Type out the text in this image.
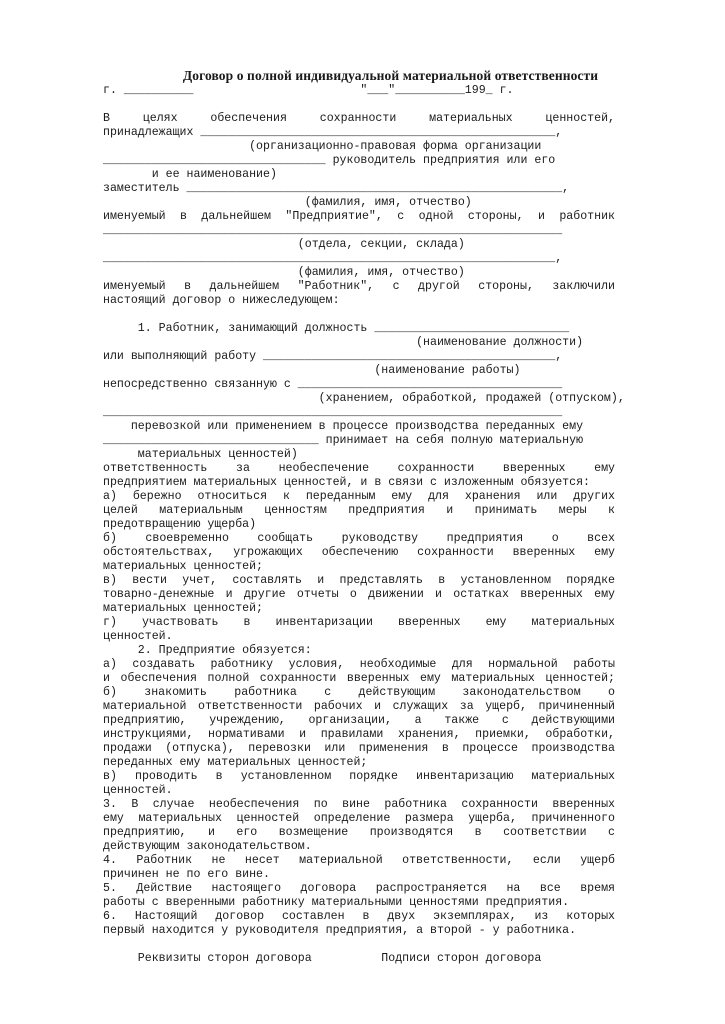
Договор о полной индивидуальной материальной ответственности
г. __________                        "___"__________199_ г.
В целях обеспечения сохранности материальных ценностей,
принадлежащих ___________________________________________________,
(организационно-правовая форма организации
________________________________ руководитель предприятия или его
и ее наименование)
заместитель ______________________________________________________,
(фамилия, имя, отчество)
именуемый в дальнейшем "Предприятие", с одной стороны, и работник
__________________________________________________________________
(отдела, секции, склада)
_________________________________________________________________,
(фамилия, имя, отчество)
именуемый в дальнейшем "Работник", с другой стороны, заключили
настоящий договор о нижеследующем:
1. Работник, занимающий должность ____________________________
(наименование должности)
или выполняющий работу __________________________________________,
(наименование работы)
непосредственно связанную с ______________________________________
(хранением, обработкой, продажей (отпуском),
__________________________________________________________________
перевозкой или применением в процессе производства переданных ему
_______________________________ принимает на себя полную материальную
материальных ценностей)
ответственность за необеспечение сохранности вверенных ему
предприятием материальных ценностей, и в связи с изложенным обязуется:
а) бережно относиться к переданным ему для хранения или других
целей материальным ценностям предприятия и принимать меры к
предотвращению ущерба)
б) своевременно сообщать руководству предприятия о всех
обстоятельствах, угрожающих обеспечению сохранности вверенных ему
материальных ценностей;
в) вести учет, составлять и представлять в установленном порядке
товарно-денежные и другие отчеты о движении и остатках вверенных ему
материальных ценностей;
г) участвовать в инвентаризации вверенных ему материальных
ценностей.
2. Предприятие обязуется:
а) создавать работнику условия, необходимые для нормальной работы
и обеспечения полной сохранности вверенных ему материальных ценностей;
б) знакомить работника с действующим законодательством о
материальной ответственности рабочих и служащих за ущерб, причиненный
предприятию, учреждению, организации, а также с действующими
инструкциями, нормативами и правилами хранения, приемки, обработки,
продажи (отпуска), перевозки или применения в процессе производства
переданных ему материальных ценностей;
в) проводить в установленном порядке инвентаризацию материальных
ценностей.
3. В случае необеспечения по вине работника сохранности вверенных
ему материальных ценностей определение размера ущерба, причиненного
предприятию, и его возмещение производятся в соответствии с
действующим законодательством.
4. Работник не несет материальной ответственности, если ущерб
причинен не по его вине.
5. Действие настоящего договора распространяется на все время
работы с вверенными работнику материальными ценностями предприятия.
6. Настоящий договор составлен в двух экземплярах, из которых
первый находится у руководителя предприятия, а второй - у работника.
Реквизиты сторон договора          Подписи сторон договора
